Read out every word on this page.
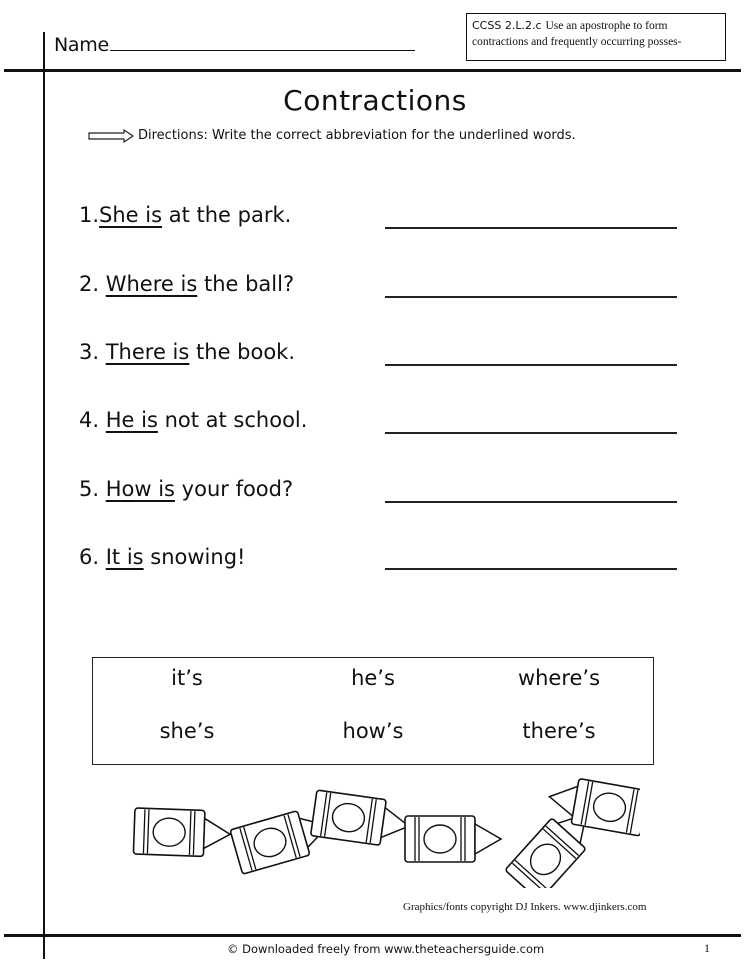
Name
CCSS 2.L.2.c Use an apostrophe to form
contractions and frequently occurring posses-
Contractions
Directions: Write the correct abbreviation for the underlined words.
1.She is at the park.
2. Where is the ball?
3. There is the book.
4. He is not at school.
5. How is your food?
6. It is snowing!
it’s	he’s	where’s
she’s	how’s	there’s
Graphics/fonts copyright DJ Inkers. www.djinkers.com
© Downloaded freely from www.theteachersguide.com	1
